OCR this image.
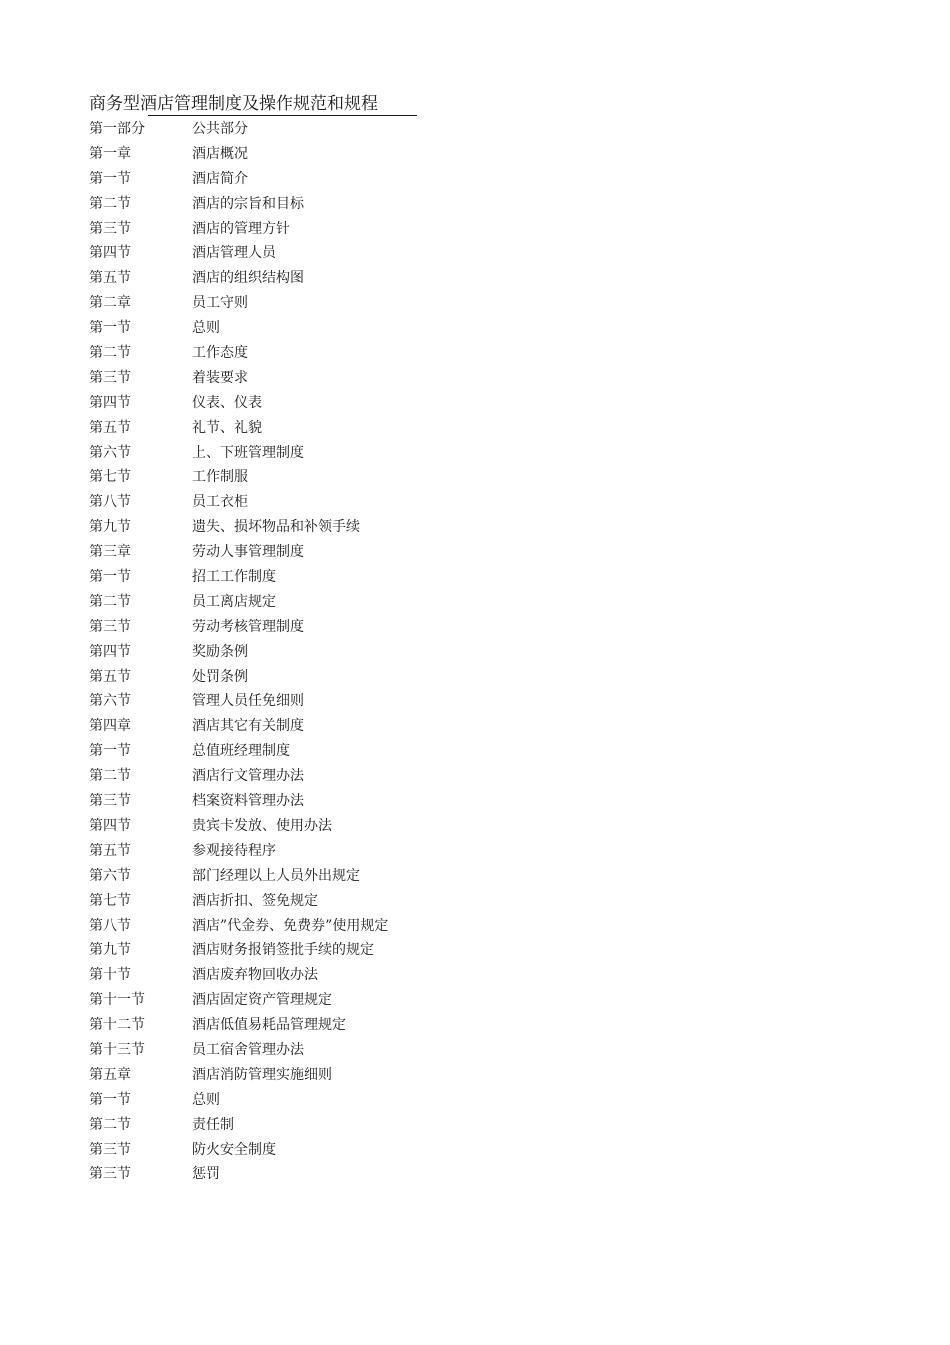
商务型酒店管理制度及操作规范和规程
第一部分	公共部分
第一章	酒店概况
第一节	酒店简介
第二节	酒店的宗旨和目标
第三节	酒店的管理方针
第四节	酒店管理人员
第五节	酒店的组织结构图
第二章	员工守则
第一节	总则
第二节	工作态度
第三节	着装要求
第四节	仪表、仪表
第五节	礼节、礼貌
第六节	上、下班管理制度
第七节	工作制服
第八节	员工衣柜
第九节	遗失、损坏物品和补领手续
第三章	劳动人事管理制度
第一节	招工工作制度
第二节	员工离店规定
第三节	劳动考核管理制度
第四节	奖励条例
第五节	处罚条例
第六节	管理人员任免细则
第四章	酒店其它有关制度
第一节	总值班经理制度
第二节	酒店行文管理办法
第三节	档案资料管理办法
第四节	贵宾卡发放、使用办法
第五节	参观接待程序
第六节	部门经理以上人员外出规定
第七节	酒店折扣、签免规定
第八节	酒店”代金券、免费券”使用规定
第九节	酒店财务报销签批手续的规定
第十节	酒店废弃物回收办法
第十一节	酒店固定资产管理规定
第十二节	酒店低值易耗品管理规定
第十三节	员工宿舍管理办法
第五章	酒店消防管理实施细则
第一节	总则
第二节	责任制
第三节	防火安全制度
第三节	惩罚
